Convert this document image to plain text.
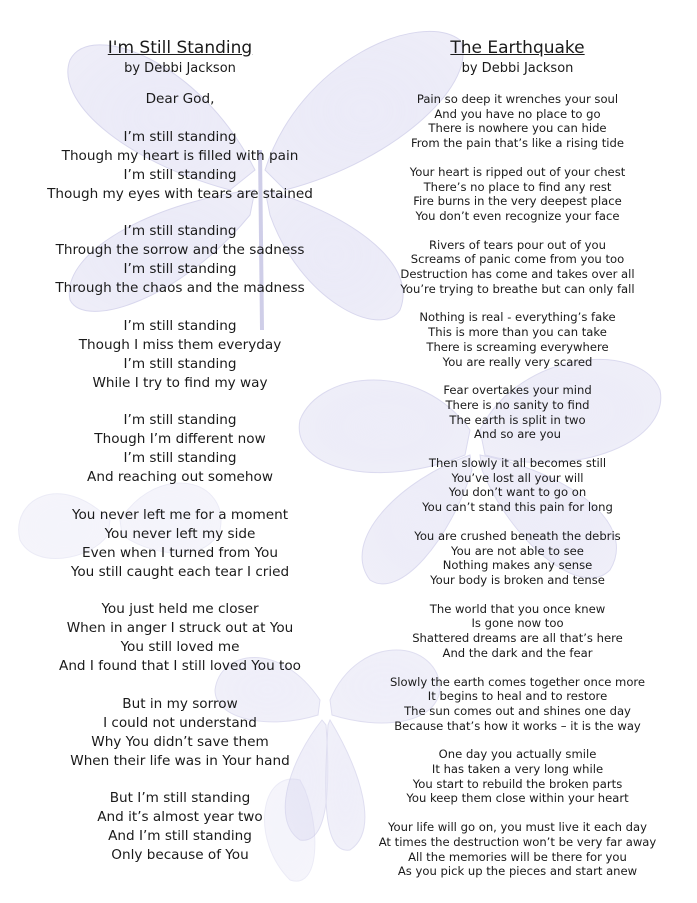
I'm Still Standing
by Debbi Jackson
Dear God,
I’m still standing
Though my heart is filled with pain
I’m still standing
Though my eyes with tears are stained
I’m still standing
Through the sorrow and the sadness
I’m still standing
Through the chaos and the madness
I’m still standing
Though I miss them everyday
I’m still standing
While I try to find my way
I’m still standing
Though I’m different now
I’m still standing
And reaching out somehow
You never left me for a moment
You never left my side
Even when I turned from You
You still caught each tear I cried
You just held me closer
When in anger I struck out at You
You still loved me
And I found that I still loved You too
But in my sorrow
I could not understand
Why You didn’t save them
When their life was in Your hand
But I’m still standing
And it’s almost year two
And I’m still standing
Only because of You
The Earthquake
by Debbi Jackson
Pain so deep it wrenches your soul
And you have no place to go
There is nowhere you can hide
From the pain that’s like a rising tide
Your heart is ripped out of your chest
There’s no place to find any rest
Fire burns in the very deepest place
You don’t even recognize your face
Rivers of tears pour out of you
Screams of panic come from you too
Destruction has come and takes over all
You’re trying to breathe but can only fall
Nothing is real - everything’s fake
This is more than you can take
There is screaming everywhere
You are really very scared
Fear overtakes your mind
There is no sanity to find
The earth is split in two
And so are you
Then slowly it all becomes still
You’ve lost all your will
You don’t want to go on
You can’t stand this pain for long
You are crushed beneath the debris
You are not able to see
Nothing makes any sense
Your body is broken and tense
The world that you once knew
Is gone now too
Shattered dreams are all that’s here
And the dark and the fear
Slowly the earth comes together once more
It begins to heal and to restore
The sun comes out and shines one day
Because that’s how it works – it is the way
One day you actually smile
It has taken a very long while
You start to rebuild the broken parts
You keep them close within your heart
Your life will go on, you must live it each day
At times the destruction won’t be very far away
All the memories will be there for you
As you pick up the pieces and start anew
